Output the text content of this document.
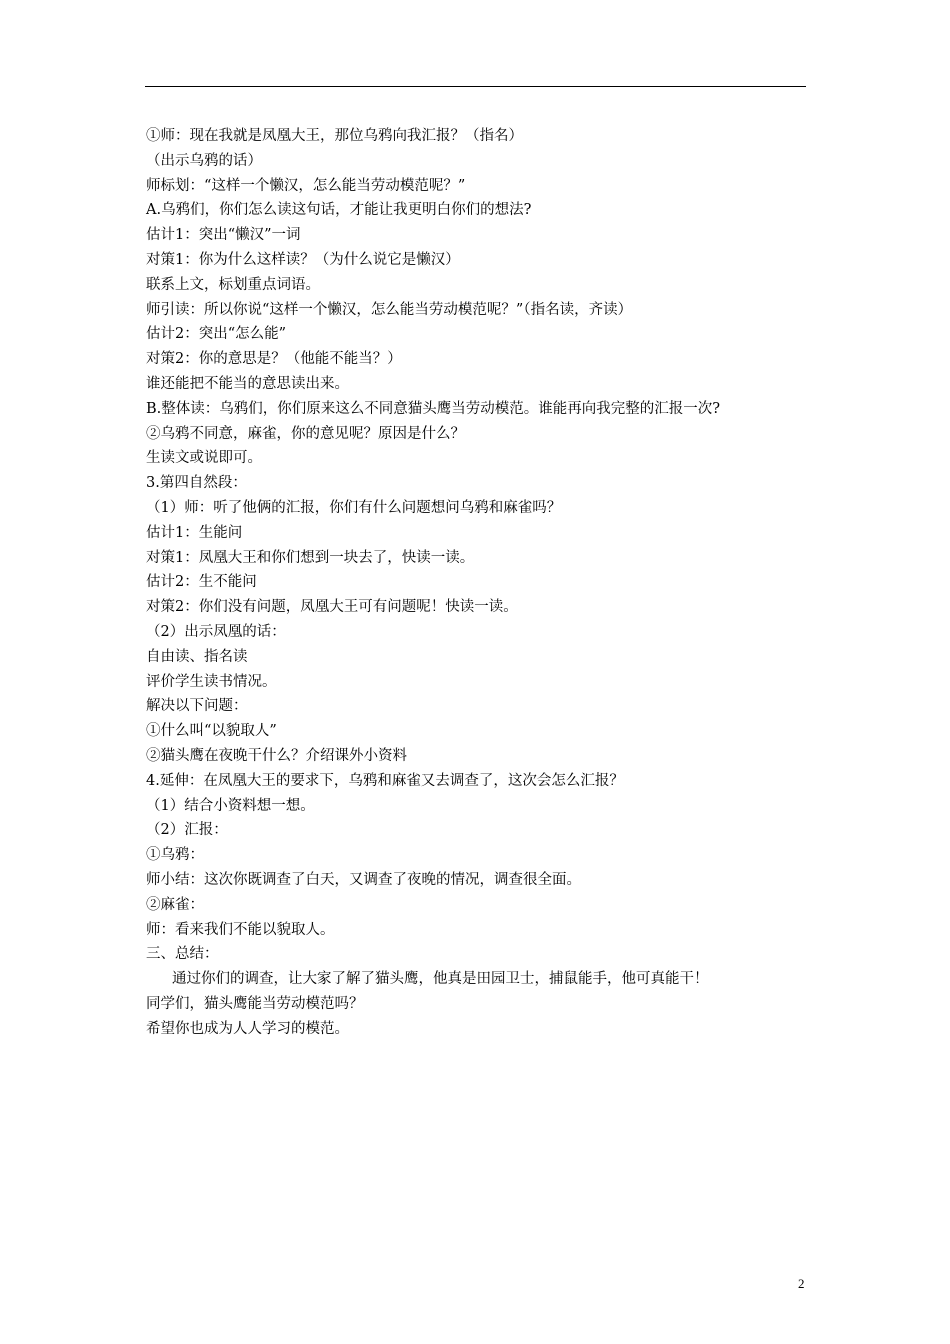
①师：现在我就是凤凰大王，那位乌鸦向我汇报？（指名）
（出示乌鸦的话）
师标划：“这样一个懒汉，怎么能当劳动模范呢？”
A.乌鸦们，你们怎么读这句话，才能让我更明白你们的想法?
估计1：突出“懒汉”一词
对策1：你为什么这样读？（为什么说它是懒汉）
联系上文，标划重点词语。
师引读：所以你说“这样一个懒汉，怎么能当劳动模范呢？”（指名读，齐读）
估计2：突出“怎么能”
对策2：你的意思是？（他能不能当？）
谁还能把不能当的意思读出来。
B.整体读：乌鸦们，你们原来这么不同意猫头鹰当劳动模范。谁能再向我完整的汇报一次?
②乌鸦不同意，麻雀，你的意见呢？原因是什么？
生读文或说即可。
3.第四自然段：
（1）师：听了他俩的汇报，你们有什么问题想问乌鸦和麻雀吗？
估计1：生能问
对策1：凤凰大王和你们想到一块去了，快读一读。
估计2：生不能问
对策2：你们没有问题，凤凰大王可有问题呢！快读一读。
（2）出示凤凰的话：
自由读、指名读
评价学生读书情况。
解决以下问题：
①什么叫“以貌取人”
②猫头鹰在夜晚干什么？介绍课外小资料
4.延伸：在凤凰大王的要求下，乌鸦和麻雀又去调查了，这次会怎么汇报？
（1）结合小资料想一想。
（2）汇报：
①乌鸦：
师小结：这次你既调查了白天，又调查了夜晚的情况，调查很全面。
②麻雀：
师：看来我们不能以貌取人。
三、总结：
通过你们的调查，让大家了解了猫头鹰，他真是田园卫士，捕鼠能手，他可真能干！
同学们，猫头鹰能当劳动模范吗？
希望你也成为人人学习的模范。
2
